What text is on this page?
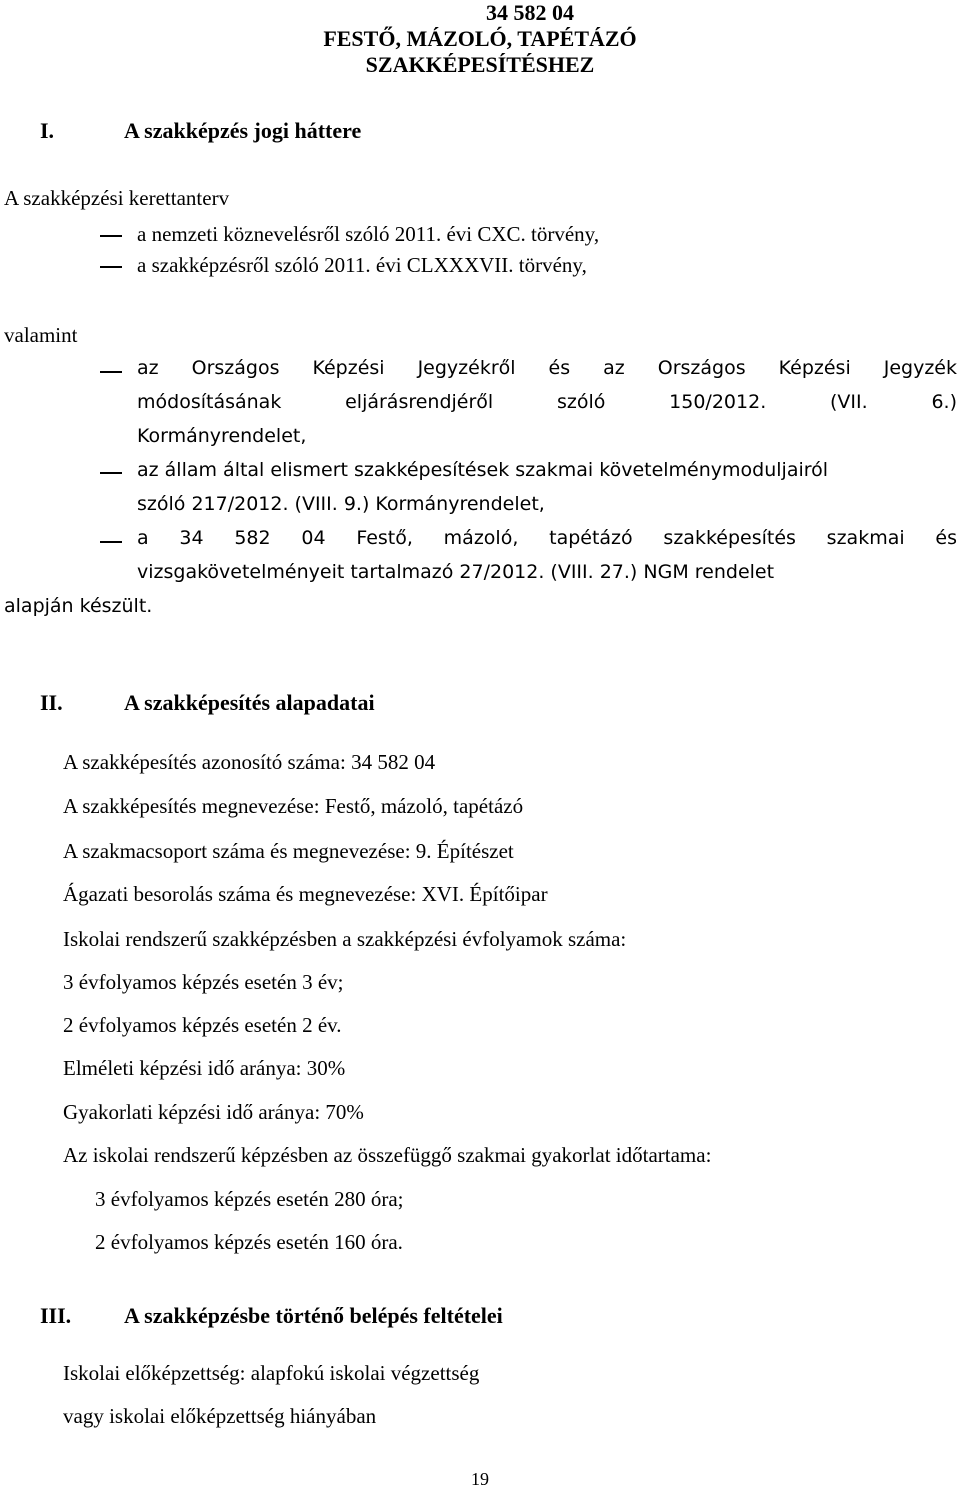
34 582 04
FESTŐ, MÁZOLÓ, TAPÉTÁZÓ
SZAKKÉPESÍTÉSHEZ
I.	A szakképzés jogi háttere
A szakképzési kerettanterv
a nemzeti köznevelésről szóló 2011. évi CXC. törvény,
a szakképzésről szóló 2011. évi CLXXXVII. törvény,
valamint
az Országos Képzési Jegyzékről és az Országos Képzési Jegyzék
módosításának eljárásrendjéről szóló 150/2012. (VII. 6.)
Kormányrendelet,
az állam által elismert szakképesítések szakmai követelménymoduljairól
szóló 217/2012. (VIII. 9.) Kormányrendelet,
a 34 582 04 Festő, mázoló, tapétázó szakképesítés szakmai és
vizsgakövetelményeit tartalmazó 27/2012. (VIII. 27.) NGM rendelet
alapján készült.
II.	A szakképesítés alapadatai
A szakképesítés azonosító száma: 34 582 04
A szakképesítés megnevezése: Festő, mázoló, tapétázó
A szakmacsoport száma és megnevezése: 9. Építészet
Ágazati besorolás száma és megnevezése: XVI. Építőipar
Iskolai rendszerű szakképzésben a szakképzési évfolyamok száma:
3 évfolyamos képzés esetén 3 év;
2 évfolyamos képzés esetén 2 év.
Elméleti képzési idő aránya: 30%
Gyakorlati képzési idő aránya: 70%
Az iskolai rendszerű képzésben az összefüggő szakmai gyakorlat időtartama:
3 évfolyamos képzés esetén 280 óra;
2 évfolyamos képzés esetén 160 óra.
III. A szakképzésbe történő belépés feltételei
Iskolai előképzettség: alapfokú iskolai végzettség
vagy iskolai előképzettség hiányában
19
